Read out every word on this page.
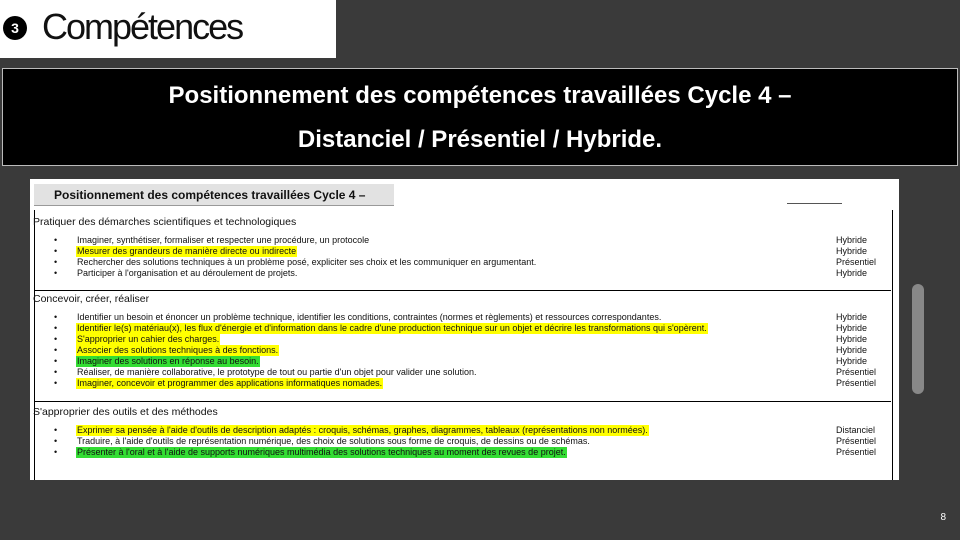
3 Compétences
Positionnement des compétences travaillées Cycle 4 –
Distanciel / Présentiel / Hybride.
Positionnement des compétences travaillées Cycle 4 –
Pratiquer des démarches scientifiques et technologiques
•	Imaginer, synthétiser, formaliser et respecter une procédure, un protocole	Hybride
•	Mesurer des grandeurs de manière directe ou indirecte	Hybride
•	Rechercher des solutions techniques à un problème posé, expliciter ses choix et les communiquer en argumentant.	Présentiel
•	Participer à l'organisation et au déroulement de projets.	Hybride
Concevoir, créer, réaliser
•	Identifier un besoin et énoncer un problème technique, identifier les conditions, contraintes (normes et règlements) et ressources correspondantes.	Hybride
•	Identifier le(s) matériau(x), les flux d'énergie et d'information dans le cadre d'une production technique sur un objet et décrire les transformations qui s'opèrent.	Hybride
•	S'approprier un cahier des charges.	Hybride
•	Associer des solutions techniques à des fonctions.	Hybride
•	Imaginer des solutions en réponse au besoin.	Hybride
•	Réaliser, de manière collaborative, le prototype de tout ou partie d'un objet pour valider une solution.	Présentiel
•	Imaginer, concevoir et programmer des applications informatiques nomades.	Présentiel
S'approprier des outils et des méthodes
•	Exprimer sa pensée à l'aide d'outils de description adaptés : croquis, schémas, graphes, diagrammes, tableaux (représentations non normées).	Distanciel
•	Traduire, à l'aide d'outils de représentation numérique, des choix de solutions sous forme de croquis, de dessins ou de schémas.	Présentiel
•	Présenter à l'oral et à l'aide de supports numériques multimédia des solutions techniques au moment des revues de projet.	Présentiel
8
